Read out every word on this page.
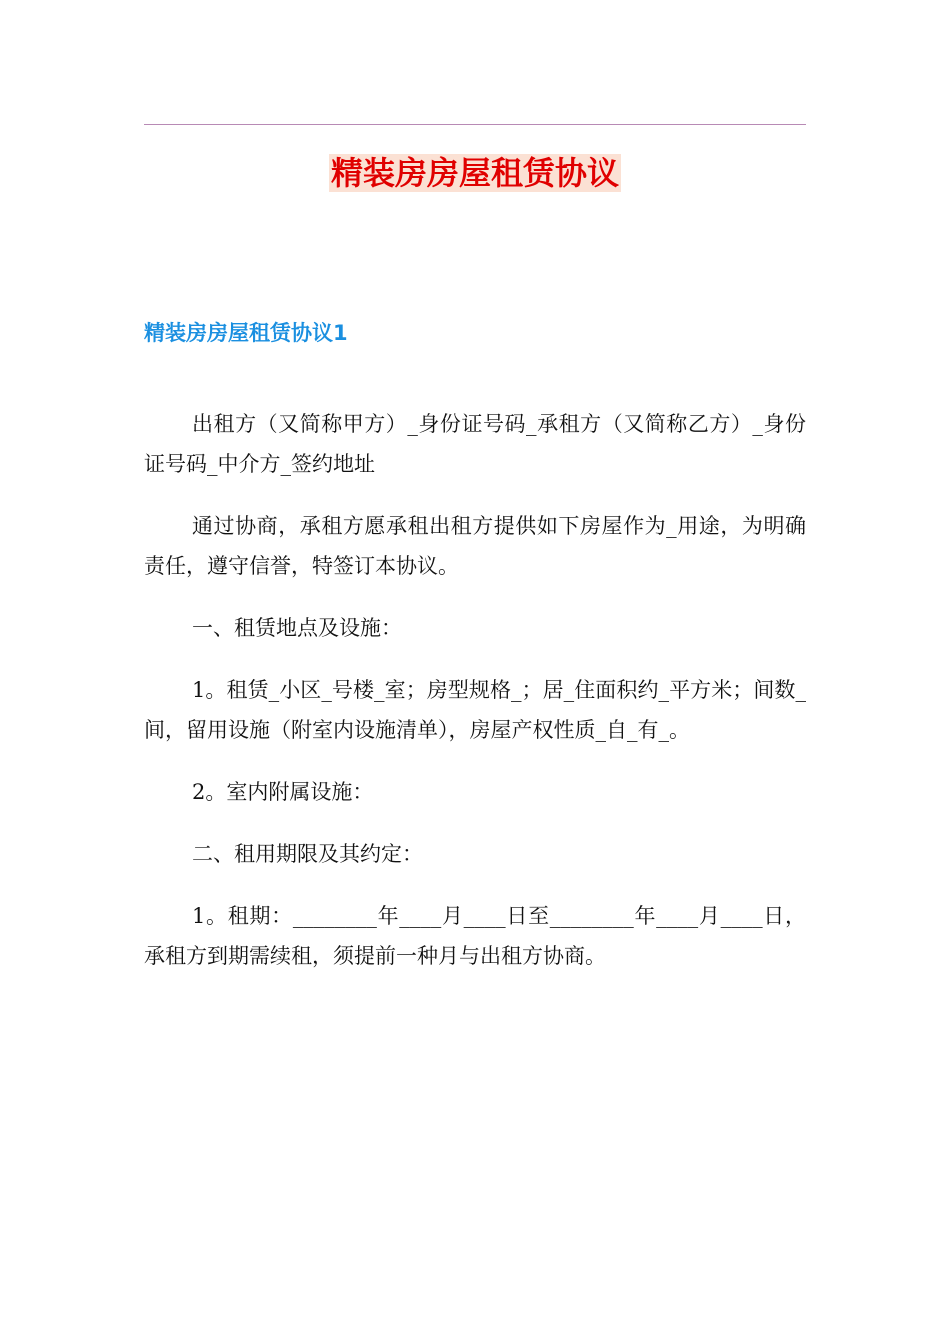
精装房房屋租赁协议
精装房房屋租赁协议1

出租方（又简称甲方）_身份证号码_承租方（又简称乙方）_身份证号码_中介方_签约地址

通过协商，承租方愿承租出租方提供如下房屋作为_用途，为明确责任，遵守信誉，特签订本协议。

一、租赁地点及设施：

1。租赁_小区_号楼_室；房型规格_；居_住面积约_平方米；间数_间，留用设施（附室内设施清单），房屋产权性质_自_有_。

2。室内附属设施：

二、租用期限及其约定：

1。租期：________年____月____日至________年____月____日，承租方到期需续租，须提前一种月与出租方协商。
